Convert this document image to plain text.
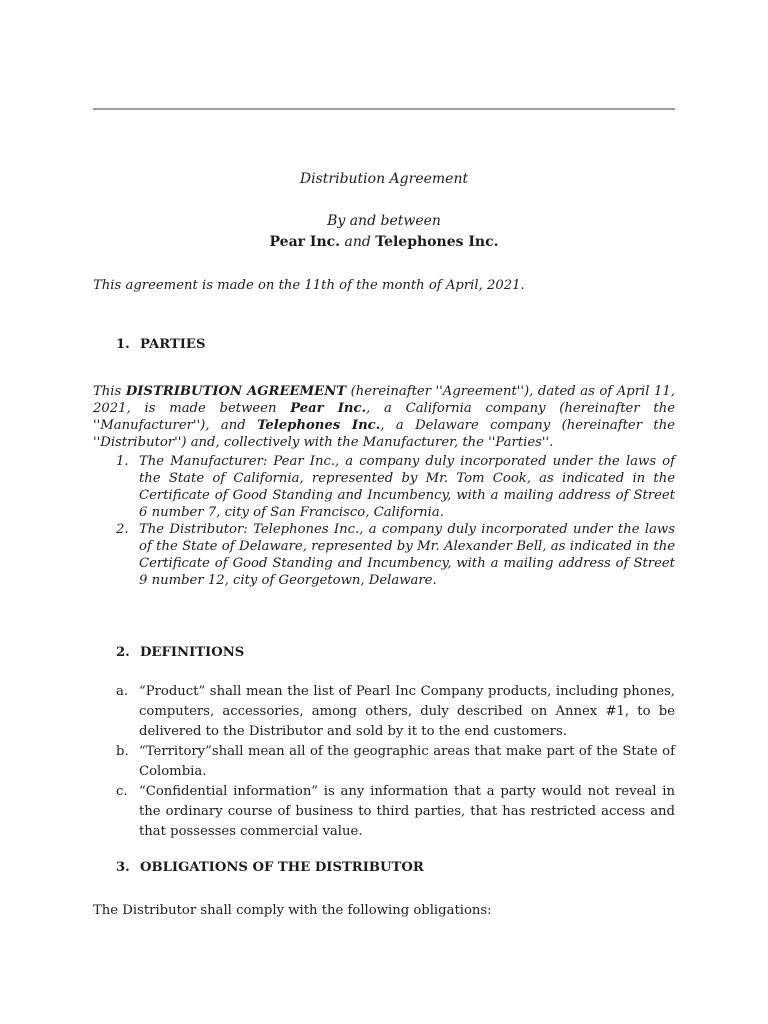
Distribution Agreement

By and between

Pear Inc. and Telephones Inc.

This agreement is made on the 11th of the month of April, 2021.

1. PARTIES

This DISTRIBUTION AGREEMENT (hereinafter ''Agreement''), dated as of April 11, 2021, is made between Pear Inc., a California company (hereinafter the ''Manufacturer''), and Telephones Inc., a Delaware company (hereinafter the ''Distributor'') and, collectively with the Manufacturer, the ''Parties''.

1. The Manufacturer: Pear Inc., a company duly incorporated under the laws of the State of California, represented by Mr. Tom Cook, as indicated in the Certificate of Good Standing and Incumbency, with a mailing address of Street 6 number 7, city of San Francisco, California.
2. The Distributor: Telephones Inc., a company duly incorporated under the laws of the State of Delaware, represented by Mr. Alexander Bell, as indicated in the Certificate of Good Standing and Incumbency, with a mailing address of Street 9 number 12, city of Georgetown, Delaware.
2. DEFINITIONS
a. “Product” shall mean the list of Pearl Inc Company products, including phones, computers, accessories, among others, duly described on Annex #1, to be delivered to the Distributor and sold by it to the end customers.
b. “Territory”shall mean all of the geographic areas that make part of the State of Colombia.
c. “Confidential information” is any information that a party would not reveal in the ordinary course of business to third parties, that has restricted access and that possesses commercial value.
3. OBLIGATIONS OF THE DISTRIBUTOR

The Distributor shall comply with the following obligations:
